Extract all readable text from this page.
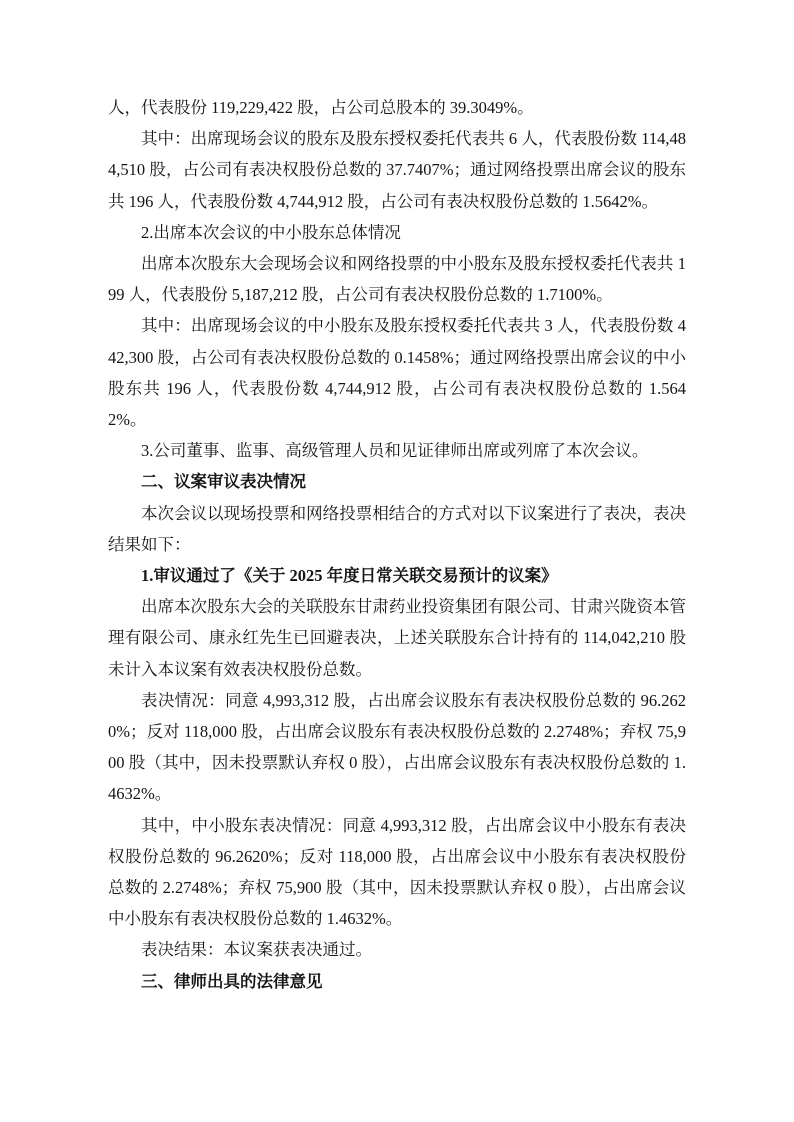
人，代表股份 119,229,422 股，占公司总股本的 39.3049%。

其中：出席现场会议的股东及股东授权委托代表共 6 人，代表股份数 114,484,510 股，占公司有表决权股份总数的 37.7407%；通过网络投票出席会议的股东共 196 人，代表股份数 4,744,912 股，占公司有表决权股份总数的 1.5642%。

2.出席本次会议的中小股东总体情况

出席本次股东大会现场会议和网络投票的中小股东及股东授权委托代表共 199 人，代表股份 5,187,212 股，占公司有表决权股份总数的 1.7100%。

其中：出席现场会议的中小股东及股东授权委托代表共 3 人，代表股份数 442,300 股，占公司有表决权股份总数的 0.1458%；通过网络投票出席会议的中小股东共 196 人，代表股份数 4,744,912 股，占公司有表决权股份总数的 1.5642%。

3.公司董事、监事、高级管理人员和见证律师出席或列席了本次会议。

二、议案审议表决情况

本次会议以现场投票和网络投票相结合的方式对以下议案进行了表决，表决结果如下：

1.审议通过了《关于 2025 年度日常关联交易预计的议案》

出席本次股东大会的关联股东甘肃药业投资集团有限公司、甘肃兴陇资本管理有限公司、康永红先生已回避表决，上述关联股东合计持有的 114,042,210 股未计入本议案有效表决权股份总数。

表决情况：同意 4,993,312 股，占出席会议股东有表决权股份总数的 96.2620%；反对 118,000 股，占出席会议股东有表决权股份总数的 2.2748%；弃权 75,900 股（其中，因未投票默认弃权 0 股），占出席会议股东有表决权股份总数的 1.4632%。

其中，中小股东表决情况：同意 4,993,312 股，占出席会议中小股东有表决权股份总数的 96.2620%；反对 118,000 股，占出席会议中小股东有表决权股份总数的 2.2748%；弃权 75,900 股（其中，因未投票默认弃权 0 股），占出席会议中小股东有表决权股份总数的 1.4632%。

表决结果：本议案获表决通过。

三、律师出具的法律意见
